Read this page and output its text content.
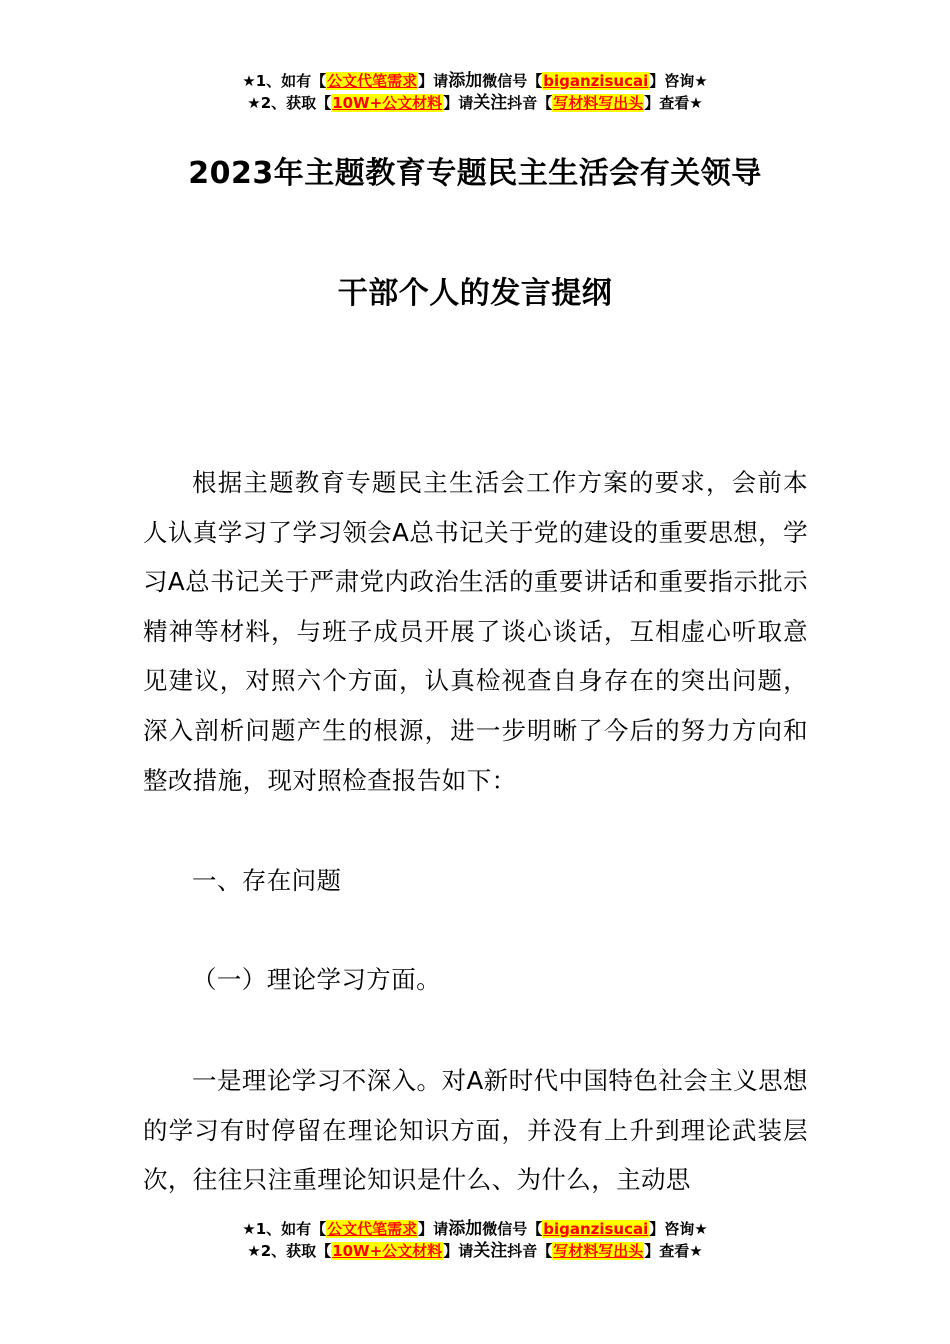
★1、如有【公文代笔需求】请添加微信号【biganzisucai】咨询★
★2、获取【10W+公文材料】请关注抖音【写材料写出头】查看★
2023年主题教育专题民主生活会有关领导
干部个人的发言提纲
根据主题教育专题民主生活会工作方案的要求，会前本人认真学习了学习领会A总书记关于党的建设的重要思想，学习A总书记关于严肃党内政治生活的重要讲话和重要指示批示精神等材料，与班子成员开展了谈心谈话，互相虚心听取意见建议，对照六个方面，认真检视查自身存在的突出问题，深入剖析问题产生的根源，进一步明晰了今后的努力方向和整改措施，现对照检查报告如下：
一、存在问题
（一）理论学习方面。
一是理论学习不深入。对A新时代中国特色社会主义思想的学习有时停留在理论知识方面，并没有上升到理论武装层次，往往只注重理论知识是什么、为什么，主动思
★1、如有【公文代笔需求】请添加微信号【biganzisucai】咨询★
★2、获取【10W+公文材料】请关注抖音【写材料写出头】查看★
